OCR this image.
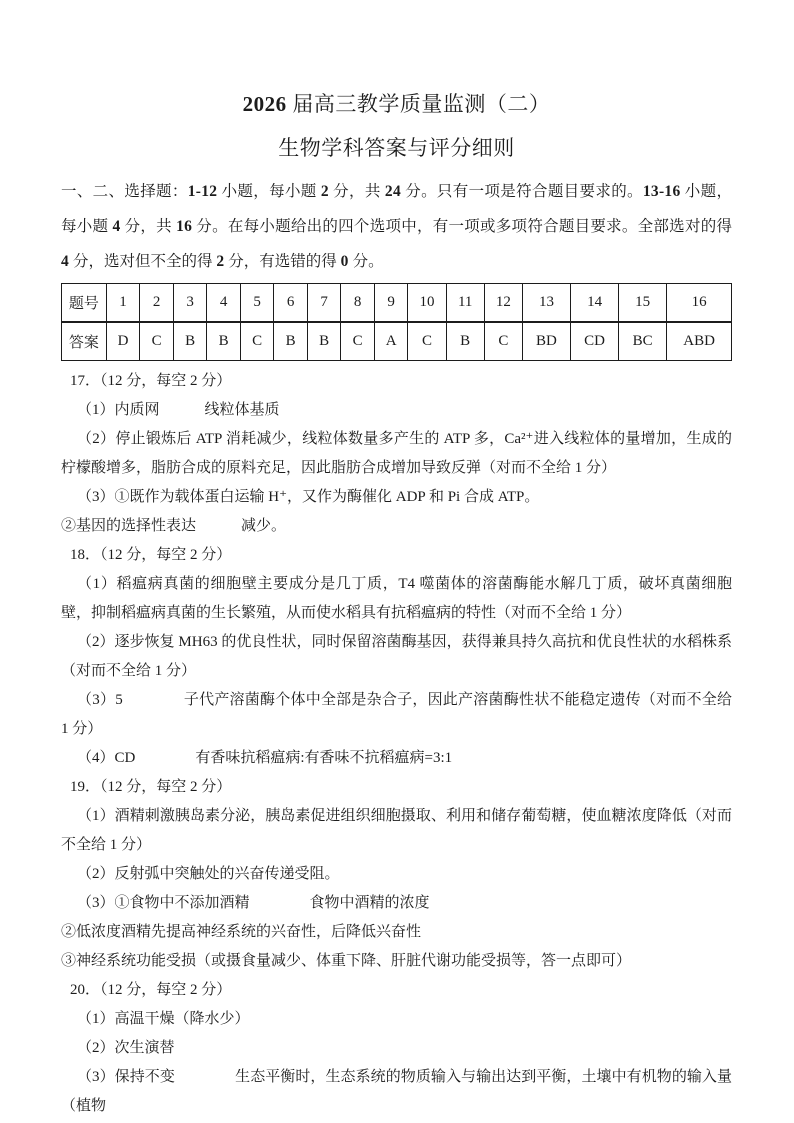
2026 届高三教学质量监测（二）

生物学科答案与评分细则

一、二、选择题：1-12 小题，每小题 2 分，共 24 分。只有一项是符合题目要求的。13-16 小题，每小题 4 分，共 16 分。在每小题给出的四个选项中，有一项或多项符合题目要求。全部选对的得 4 分，选对但不全的得 2 分，有选错的得 0 分。

题号	1	2	3	4	5	6	7	8	9	10	11	12	13	14	15	16
答案	D	C	B	B	C	B	B	C	A	C	B	C	BD	CD	BC	ABD

17．（12 分，每空 2 分）

（1）内质网　　　线粒体基质

（2）停止锻炼后 ATP 消耗减少，线粒体数量多产生的 ATP 多，Ca²⁺进入线粒体的量增加，生成的柠檬酸增多，脂肪合成的原料充足，因此脂肪合成增加导致反弹（对而不全给 1 分）

（3）①既作为载体蛋白运输 H⁺，又作为酶催化 ADP 和 Pi 合成 ATP。

②基因的选择性表达　　　减少。

18．（12 分，每空 2 分）

（1）稻瘟病真菌的细胞壁主要成分是几丁质，T4 噬菌体的溶菌酶能水解几丁质，破坏真菌细胞壁，抑制稻瘟病真菌的生长繁殖，从而使水稻具有抗稻瘟病的特性（对而不全给 1 分）

（2）逐步恢复 MH63 的优良性状，同时保留溶菌酶基因，获得兼具持久高抗和优良性状的水稻株系（对而不全给 1 分）

（3）5　　　　子代产溶菌酶个体中全部是杂合子，因此产溶菌酶性状不能稳定遗传（对而不全给 1 分）

（4）CD　　　　有香味抗稻瘟病:有香味不抗稻瘟病=3:1

19．（12 分，每空 2 分）

（1）酒精刺激胰岛素分泌，胰岛素促进组织细胞摄取、利用和储存葡萄糖，使血糖浓度降低（对而不全给 1 分）

（2）反射弧中突触处的兴奋传递受阻。

（3）①食物中不添加酒精　　　　食物中酒精的浓度

②低浓度酒精先提高神经系统的兴奋性，后降低兴奋性

③神经系统功能受损（或摄食量减少、体重下降、肝脏代谢功能受损等，答一点即可）

20．（12 分，每空 2 分）

（1）高温干燥（降水少）

（2）次生演替

（3）保持不变　　　　生态平衡时，生态系统的物质输入与输出达到平衡，土壤中有机物的输入量（植物
